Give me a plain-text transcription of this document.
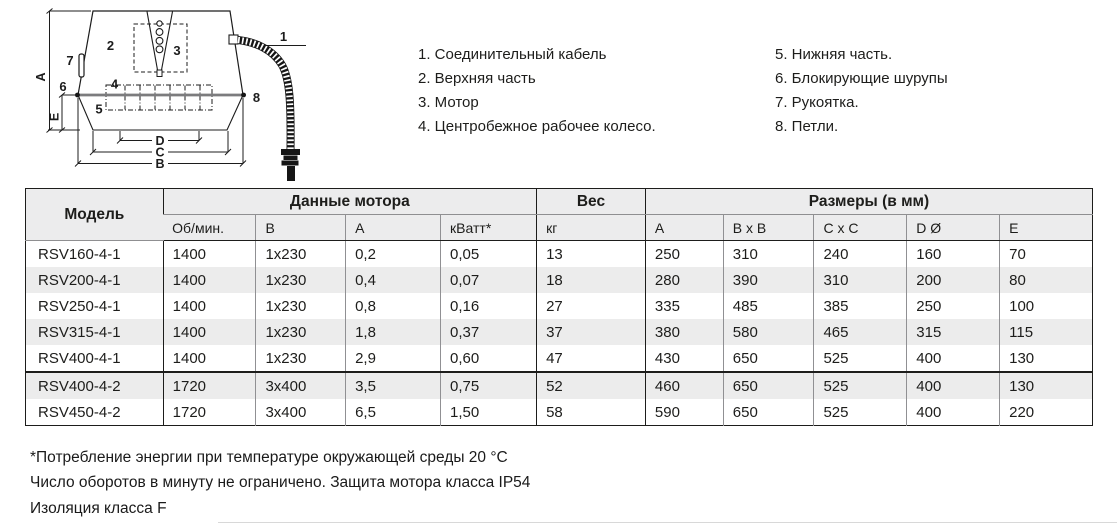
1
2	3
4
5
6
7
8
A
E
D
C
B
1. Соединительный кабель
2. Верхняя часть
3. Мотор
4. Центробежное рабочее колесо.
5. Нижняя часть.
6. Блокирующие шурупы
7. Рукоятка.
8. Петли.
Модель	Данные мотора				Вес	Размеры (в мм)				
	Об/мин.	В	А	кВатт*	кг	A	B x B	C x C	D Ø	E
RSV160-4-1	1400	1x230	0,2	0,05	13	250	310	240	160	70
RSV200-4-1	1400	1x230	0,4	0,07	18	280	390	310	200	80
RSV250-4-1	1400	1x230	0,8	0,16	27	335	485	385	250	100
RSV315-4-1	1400	1x230	1,8	0,37	37	380	580	465	315	115
RSV400-4-1	1400	1x230	2,9	0,60	47	430	650	525	400	130
RSV400-4-2	1720	3x400	3,5	0,75	52	460	650	525	400	130
RSV450-4-2	1720	3x400	6,5	1,50	58	590	650	525	400	220
*Потребление энергии при температуре окружающей среды 20 °C
Число оборотов в минуту не ограничено. Защита мотора класса IP54
Изоляция класса F
